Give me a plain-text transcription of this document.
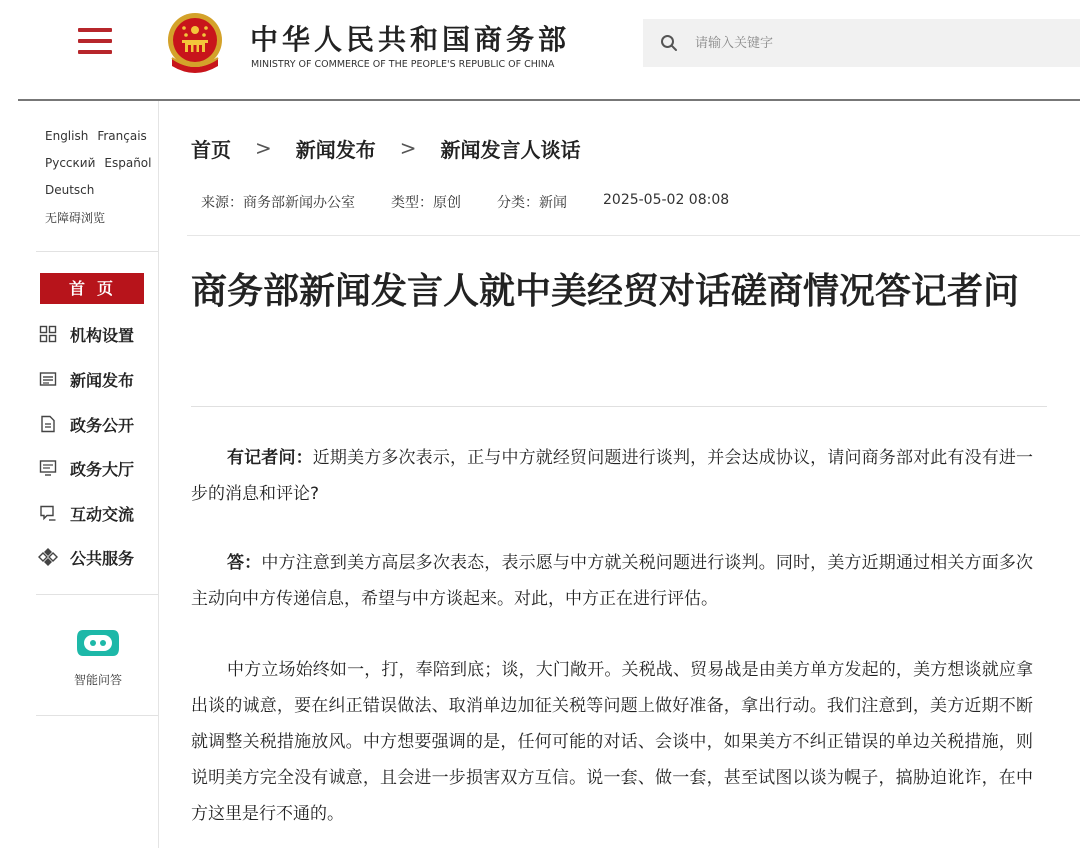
中华人民共和国商务部
MINISTRY OF COMMERCE OF THE PEOPLE'S REPUBLIC OF CHINA
请输入关键字
English Français
Русский Español
Deutsch
无障碍浏览
首页
机构设置
新闻发布
政务公开
政务大厅
互动交流
公共服务
智能问答
首页 > 新闻发布 > 新闻发言人谈话
来源：商务部新闻办公室	类型：原创	分类：新闻	2025-05-02 08:08
商务部新闻发言人就中美经贸对话磋商情况答记者问

有记者问：近期美方多次表示，正与中方就经贸问题进行谈判，并会达成协议，请问商务部对此有没有进一步的消息和评论?

答：中方注意到美方高层多次表态，表示愿与中方就关税问题进行谈判。同时，美方近期通过相关方面多次主动向中方传递信息，希望与中方谈起来。对此，中方正在进行评估。

中方立场始终如一，打，奉陪到底；谈，大门敞开。关税战、贸易战是由美方单方发起的，美方想谈就应拿出谈的诚意，要在纠正错误做法、取消单边加征关税等问题上做好准备，拿出行动。我们注意到，美方近期不断就调整关税措施放风。中方想要强调的是，任何可能的对话、会谈中，如果美方不纠正错误的单边关税措施，则说明美方完全没有诚意，且会进一步损害双方互信。说一套、做一套，甚至试图以谈为幌子，搞胁迫讹诈，在中方这里是行不通的。
